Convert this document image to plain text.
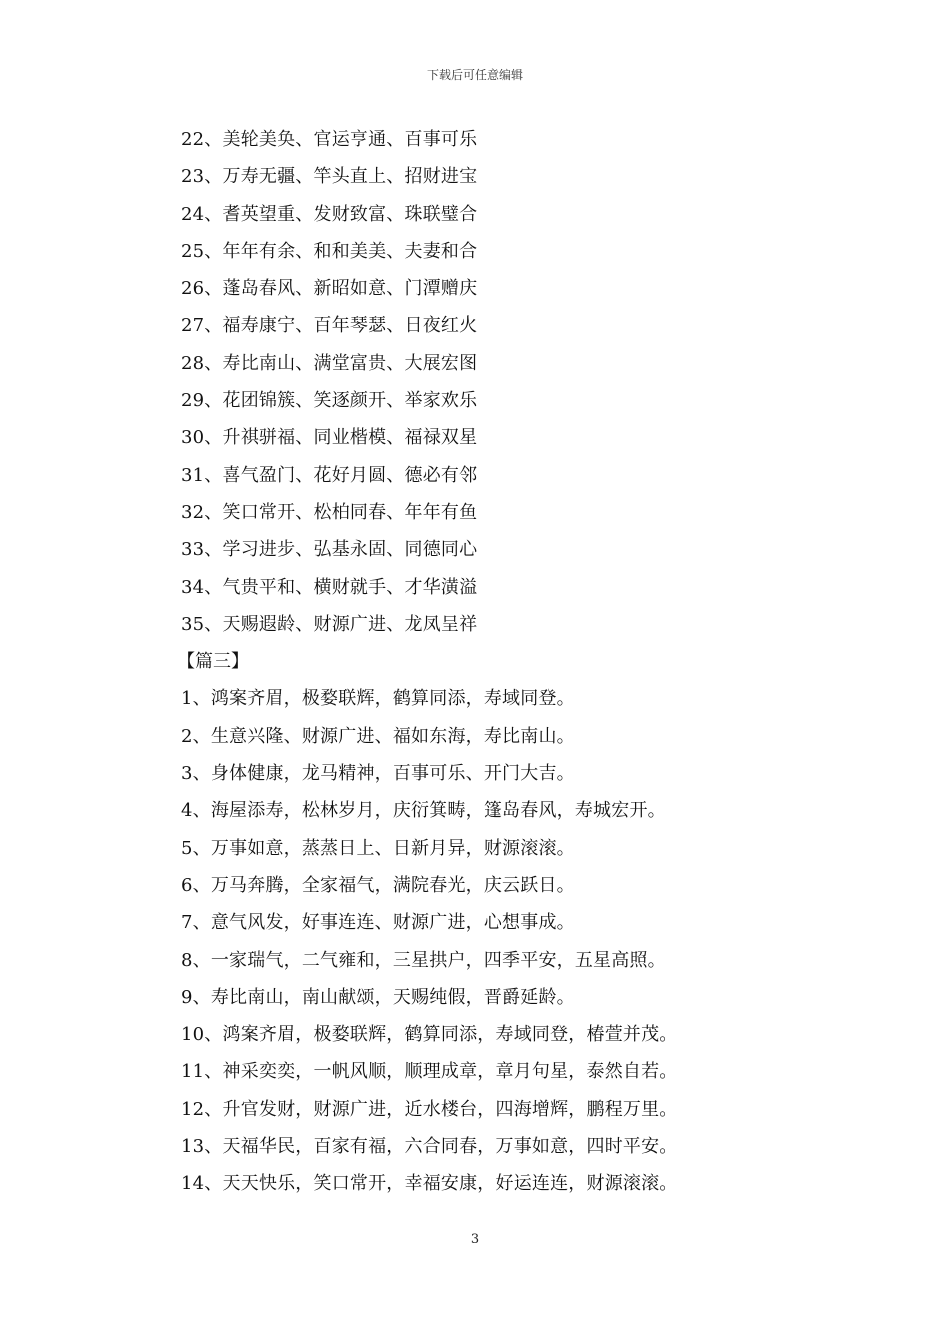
下载后可任意编辑
22、美轮美奂、官运亨通、百事可乐
23、万寿无疆、竿头直上、招财进宝
24、耆英望重、发财致富、珠联璧合
25、年年有余、和和美美、夫妻和合
26、蓬岛春风、新昭如意、门潭赠庆
27、福寿康宁、百年琴瑟、日夜红火
28、寿比南山、满堂富贵、大展宏图
29、花团锦簇、笑逐颜开、举家欢乐
30、升祺骈福、同业楷模、福禄双星
31、喜气盈门、花好月圆、德必有邻
32、笑口常开、松柏同春、年年有鱼
33、学习进步、弘基永固、同德同心
34、气贵平和、横财就手、才华潢溢
35、天赐遐龄、财源广进、龙凤呈祥
【篇三】
1、鸿案齐眉，极婺联辉，鹤算同添，寿域同登。
2、生意兴隆、财源广进、福如东海，寿比南山。
3、身体健康，龙马精神，百事可乐、开门大吉。
4、海屋添寿，松林岁月，庆衍箕畴，篷岛春风，寿城宏开。
5、万事如意，蒸蒸日上、日新月异，财源滚滚。
6、万马奔腾，全家福气，满院春光，庆云跃日。
7、意气风发，好事连连、财源广进，心想事成。
8、一家瑞气，二气雍和，三星拱户，四季平安，五星高照。
9、寿比南山，南山献颂，天赐纯假，晋爵延龄。
10、鸿案齐眉，极婺联辉，鹤算同添，寿域同登，椿萱并茂。
11、神采奕奕，一帆风顺，顺理成章，章月句星，泰然自若。
12、升官发财，财源广进，近水楼台，四海增辉，鹏程万里。
13、天福华民，百家有福，六合同春，万事如意，四时平安。
14、天天快乐，笑口常开，幸福安康，好运连连，财源滚滚。
3
